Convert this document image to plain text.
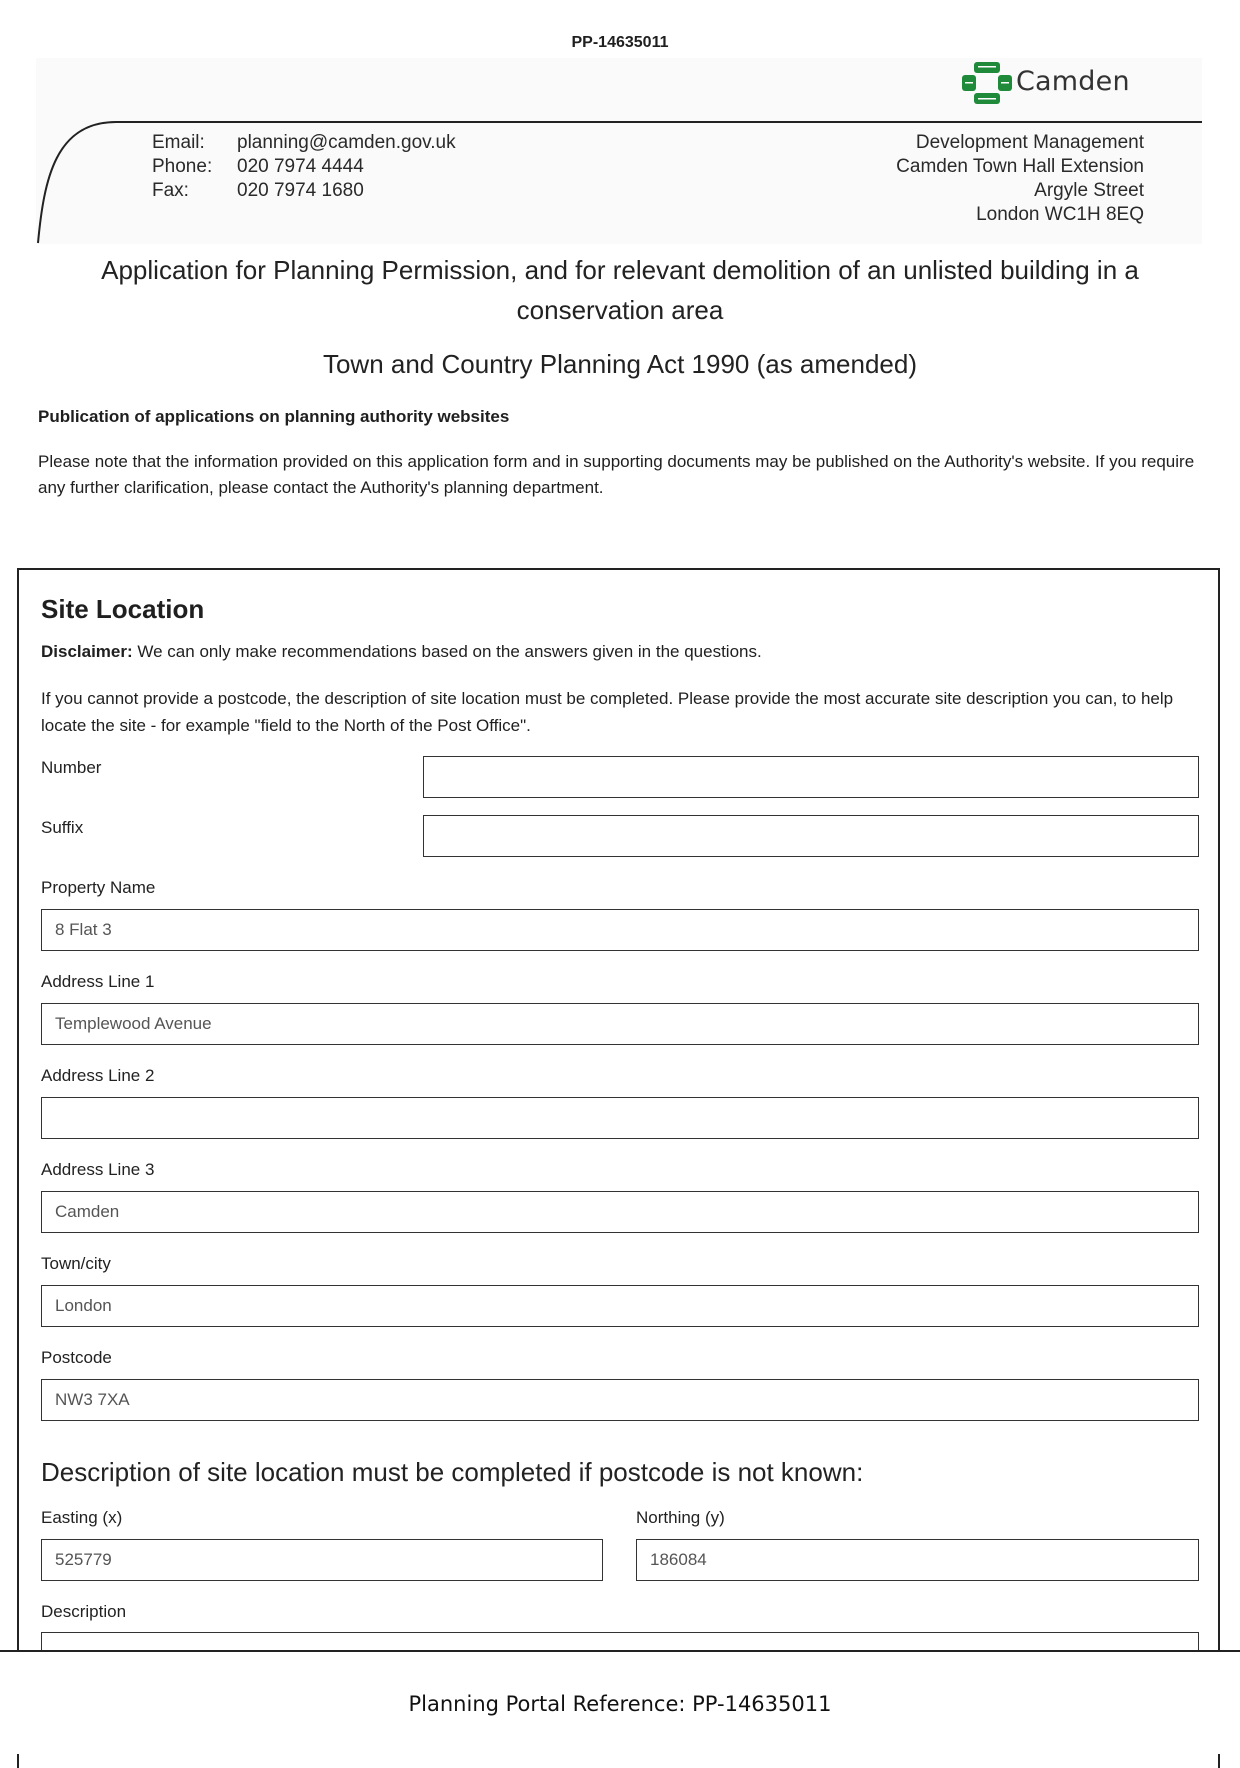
PP-14635011
Camden
Email:
Phone:
Fax:
planning@camden.gov.uk
020 7974 4444
020 7974 1680
Development Management
Camden Town Hall Extension
Argyle Street
London WC1H 8EQ
Application for Planning Permission, and for relevant demolition of an unlisted building in a conservation area
Town and Country Planning Act 1990 (as amended)
Publication of applications on planning authority websites
Please note that the information provided on this application form and in supporting documents may be published on the Authority's website. If you require any further clarification, please contact the Authority's planning department.
Site Location
Disclaimer: We can only make recommendations based on the answers given in the questions.
If you cannot provide a postcode, the description of site location must be completed. Please provide the most accurate site description you can, to help locate the site - for example "field to the North of the Post Office".
Number
Suffix
Property Name
8 Flat 3
Address Line 1
Templewood Avenue
Address Line 2
Address Line 3
Camden
Town/city
London
Postcode
NW3 7XA
Description of site location must be completed if postcode is not known:
Easting (x)
525779
Northing (y)
186084
Description
Planning Portal Reference: PP-14635011
